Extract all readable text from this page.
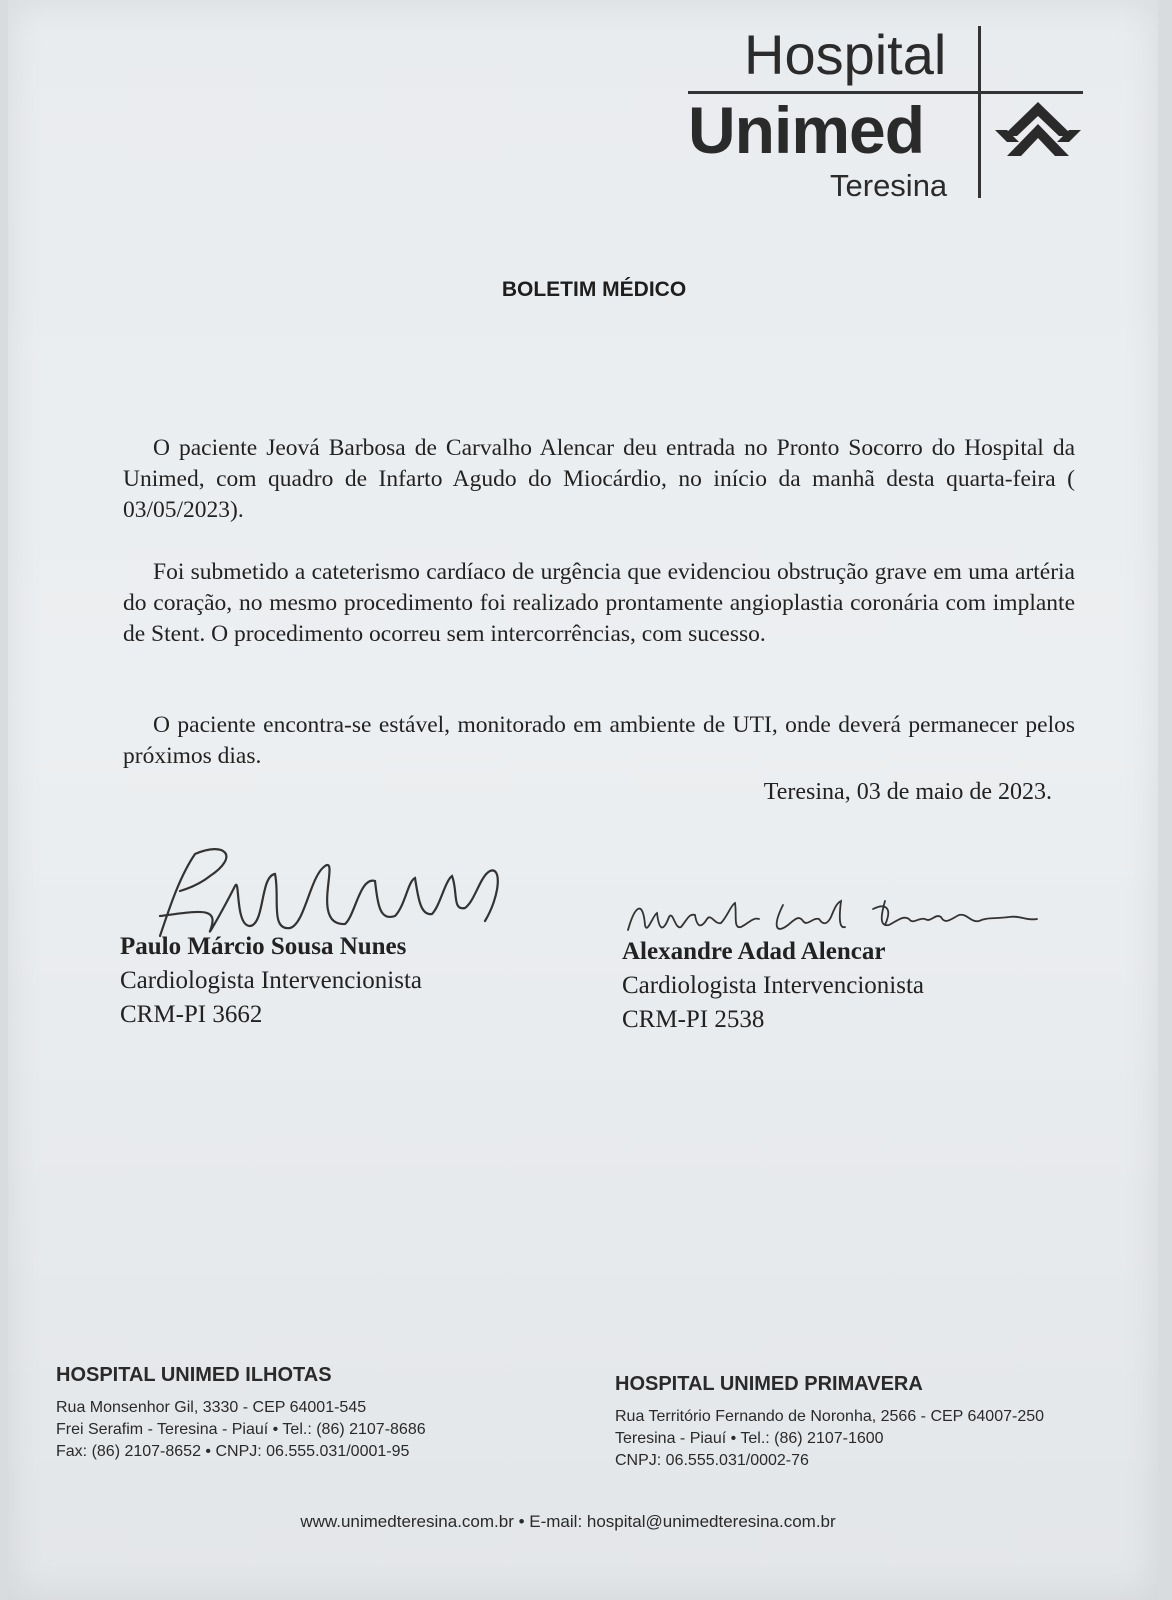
Hospital
Unimed
Teresina
BOLETIM MÉDICO

O paciente Jeová Barbosa de Carvalho Alencar deu entrada no Pronto Socorro do Hospital da Unimed, com quadro de Infarto Agudo do Miocárdio, no início da manhã desta quarta-feira ( 03/05/2023).

Foi submetido a cateterismo cardíaco de urgência que evidenciou obstrução grave em uma artéria do coração, no mesmo procedimento foi realizado prontamente angioplastia coronária com implante de Stent. O procedimento ocorreu sem intercorrências, com sucesso.

O paciente encontra-se estável, monitorado em ambiente de UTI, onde deverá permanecer pelos próximos dias.

Teresina, 03 de maio de 2023.
Paulo Márcio Sousa Nunes
Cardiologista Intervencionista
CRM-PI 3662
Alexandre Adad Alencar
Cardiologista Intervencionista
CRM-PI 2538
HOSPITAL UNIMED ILHOTAS
Rua Monsenhor Gil, 3330 - CEP 64001-545
Frei Serafim - Teresina - Piauí • Tel.: (86) 2107-8686
Fax: (86) 2107-8652 • CNPJ: 06.555.031/0001-95
HOSPITAL UNIMED PRIMAVERA
Rua Território Fernando de Noronha, 2566 - CEP 64007-250
Teresina - Piauí • Tel.: (86) 2107-1600
CNPJ: 06.555.031/0002-76
www.unimedteresina.com.br • E-mail: hospital@unimedteresina.com.br
